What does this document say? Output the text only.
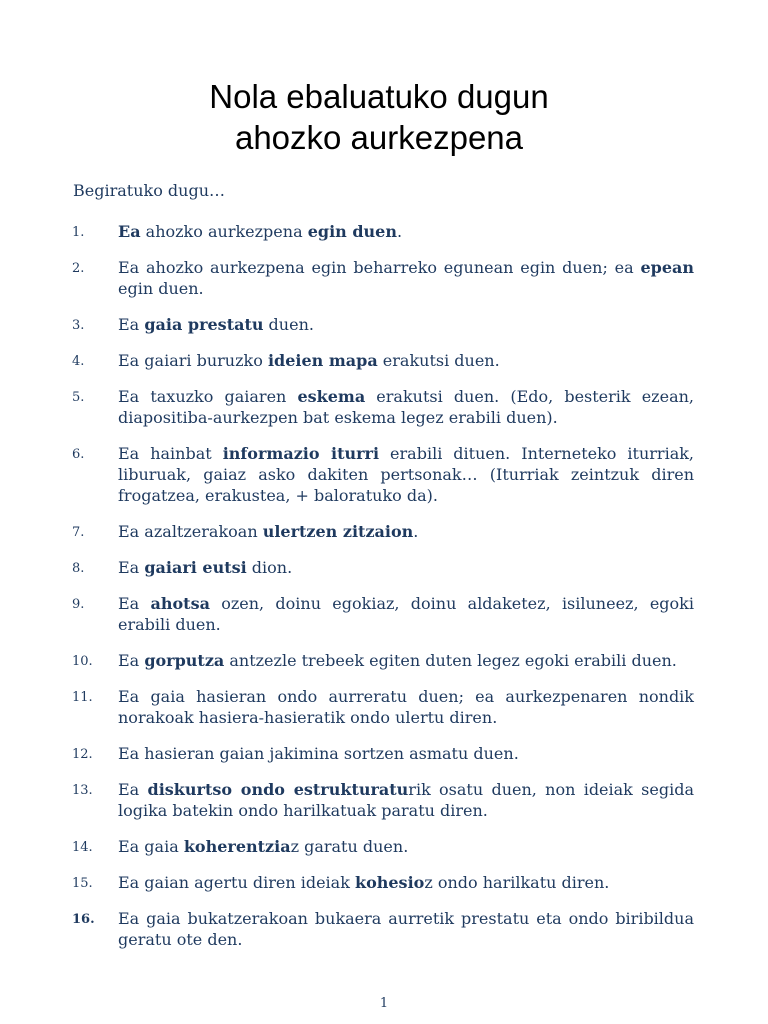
Nola ebaluatuko dugun
ahozko aurkezpena
Begiratuko dugu…
1.	Ea ahozko aurkezpena egin duen.
2.	Ea ahozko aurkezpena egin beharreko egunean egin duen; ea epean egin duen.
3.	Ea gaia prestatu duen.
4.	Ea gaiari buruzko ideien mapa erakutsi duen.
5.	Ea taxuzko gaiaren eskema erakutsi duen. (Edo, besterik ezean, diapositiba-aurkezpen bat eskema legez erabili duen).
6.	Ea hainbat informazio iturri erabili dituen. Interneteko iturriak, liburuak, gaiaz asko dakiten pertsonak… (Iturriak zeintzuk diren frogatzea, erakustea, + baloratuko da).
7.	Ea azaltzerakoan ulertzen zitzaion.
8.	Ea gaiari eutsi dion.
9.	Ea ahotsa ozen, doinu egokiaz, doinu aldaketez, isiluneez, egoki erabili duen.
10.	Ea gorputza antzezle trebeek egiten duten legez egoki erabili duen.
11.	Ea gaia hasieran ondo aurreratu duen; ea aurkezpenaren nondik norakoak hasiera-hasieratik ondo ulertu diren.
12.	Ea hasieran gaian jakimina sortzen asmatu duen.
13.	Ea diskurtso ondo estrukturaturik osatu duen, non ideiak segida logika batekin ondo harilkatuak paratu diren.
14.	Ea gaia koherentziaz garatu duen.
15.	Ea gaian agertu diren ideiak kohesioz ondo harilkatu diren.
16.	Ea gaia bukatzerakoan bukaera aurretik prestatu eta ondo biribildua geratu ote den.
1
